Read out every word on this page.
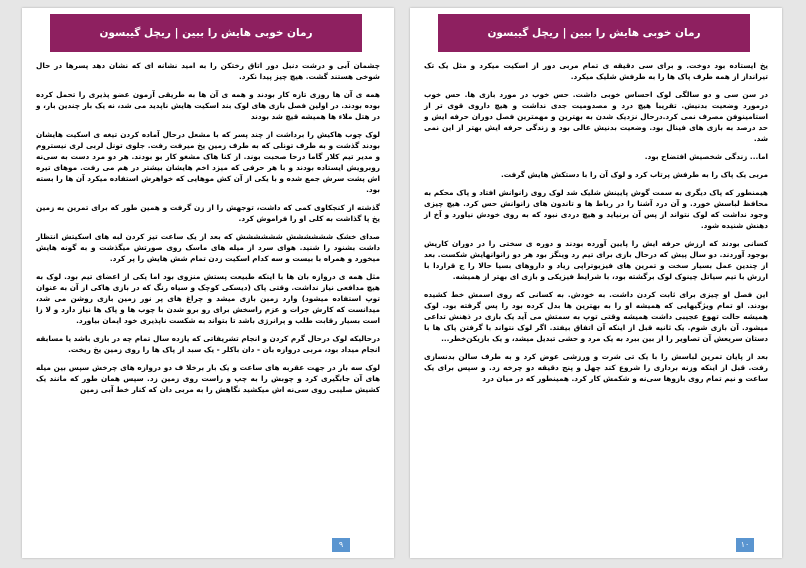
رمان خوبی هایش را ببین | ریچل گیبسون

چشمان آبی و درشت دنبل دور اتاق رختکن را به امید نشانه ای که نشان دهد پسرها در حال شوخی هستند گشت. هیچ چیز پیدا نکرد.

همه ی آن ها روزی تازه کار بودند و همه ی آن ها به طریقی آزمون عضو پذیری را تحمل کرده بوده بودند. در اولین فصل بازی های لوک بند اسکیت هایش ناپدید می شد، نه یک بار چندین بار، و در هتل ملاء ها همیشه قیچ شد بودند

لوک چوب هاکیش را برداشت از چند پسر که با مشعل درحال آماده کردن تیغه ی اسکیت هایشان بودند گذشت و به طرف تونلی که به طرف زمین یخ میرفت رفت. جلوی تونل لربی لری نیستروم و مدیر تیم کلار گاما درحا صحبت بوند. از کنا هاک مشغو کار بو بودند. هر دو مرد دست به سی‌نه روبرویش ایستاده بودند و با هر حرفی که میزد اخم هایشان بیشتر در هم می رفت. موهای تیره اش پشت سرش جمع شده و با یکی از آن کش موهایی که خواهرش استفاده میکرد آن ها را بسته بود.

گذشته از کنجکاوی کمی که داشت، توجهش را از زن گرفت و همین طور که برای تمرین به زمین یخ پا گذاشت به کلی او را فراموش کرد.

صدای خشک شششششش شششششش که بعد از یک ساعت تیز کردن لبه های اسکیتش انتظار داشت بشنود را شنید. هوای سرد از میله های ماسک روی صورتش میگذشت و به گونه هایش میخورد و همراه با بیست و سه کدام اسکیت زدن تمام شش هایش را پر کرد.

مثل همه ی دروازه بان ها با اینکه طبیعت پستش منزوی بود اما یکی از اعضای تیم بود. لوک به هیچ مدافعی نیاز نداشت. وقتی پاک (دیسکی کوچک و سیاه رنگ که در بازی هاکی از آن به عنوان توپ استفاده میشود) وارد زمین بازی میشد و چراغ های پر نور زمین بازی روشن می شد، میدانست که کارش جرات و عزم راسخش برای رو برو شدن با چوب ها و پاک ها نیاز دارد و لا زا است بسیار رقابت طلب و پرانرژی باشد تا بتواند به شکست ناپذیری خود ایمان بیاورد.

درحالیکه لوک درحال گرم کردن و انجام تشریفاتی که یازده سال تمام چه در بازی باشد یا مسابقه انجام میداد بود، مربی دروازه بان - دان باکلر - یک سبد از پاک ها را روی زمین یخ ریخت.

لوک سه بار در جهت عقربه های ساعت و یک بار برخلا ف دو دروازه های چرخش سپس بین میله های آن جابگیری کرد و چوبش را به چپ و راست روی زمین زد. سپس همان طور که مانند یک کشیش صلیبی روی سی‌نه اش میکشید نگاهش را به مربی دان که کنار خط آبی زمین

۹
رمان خوبی هایش را ببین | ریچل گیبسون

یخ ایستاده بود دوخت. و برای سی دقیقه ی تمام مربی دور از اسکیت میکرد و مثل یک تک تیرانداز از همه طرف پاک ها را به طرفش شلیک میکرد.

در سن سی و دو سالگی لوک احساس خوبی داشت. حس خوب در مورد بازی ها. حس خوب درمورد وضعیت بدنیش. تقریبا هیچ درد و مصدومیت جدی نداشت و هیچ داروی قوی تر از استامینوفن مصرف نمی کرد.درحال نزدیک شدن به بهترین و مهمترین فصل دوران حرفه ایش و حد درصد به بازی های فینال بود. وضعیت بدنیش عالی بود و زندگی حرفه ایش بهتر از این نمی شد.

اما... زندگی شخصیش افتضاح بود.

مربی یک پاک را به طرفش پرتاب کرد و لوک آن را با دستکش هایش گرفت.

هیمنطور که پاک دیگری به سمت گوش پایینش شلیک شد لوک روی زانوانش افتاد و پاک محکم به محافظ لباسش خورد. و آن درد آشنا را در رباط ها و تاندون های زانوانش حس کرد. هیچ چیزی وجود نداشت که لوک نتواند از پس آن برنیاید و هیچ دردی نبود که به روی خودش نیاورد و آخ از دهنش شنیده شود.

کسانی بودند که ارزش حرفه ایش را پایین آورده بودند و دوره ی سختی را در دوران کاریش بوجود آوردند. دو سال پیش که درحال بازی برای تیم رد وینگز بود هر دو زانوانهایش شکست. بعد از چندین عمل بسیار سخت و تمرین های فیزیوتراپی زیاد و داروهای بسیا حالا را ج قراردا با ارزش با تیم سیاتل چینوک لوک برگشته بود، با شرایط فیزیکی و بازی ای بهتر از همیشه.

این فصل او چیزی برای ثابت کردن داشت. به خودش. به کسانی که روی اسمش خط کشیده بودند. او تمام ویژگیهایی که همیشه او را به بهترین ها بدل کرده بود را پس گرفته بود. لوک همیشه حالت تهوع عجیبی داشت همیشه وقتی توپ به سمتش می آید یک بازی در ذهنش تداعی میشود. آن بازی شوم. یک ثانیه قبل از اینکه آن اتفاق بیفتد. اگر لوک نتواند با گرفتن پاک ها با دستان سریعش آن تصاویر را از بین ببرد به یک مرد و حشی تبدیل میشد، و یک بازیکن‌خطر...

بعد از پایان تمرین لباسش را با یک تی شرت و ورزشی عوض کرد و به طرف سالن بدنسازی رفت. قبل از اینکه وزنه برداری را شروع کند چهل و پنج دقیقه دو چرخه زد. و سپس برای یک ساعت و نیم تمام روی بازوها سی‌نه و شکمش کار کرد. همینطور که در میان درد

۱۰
